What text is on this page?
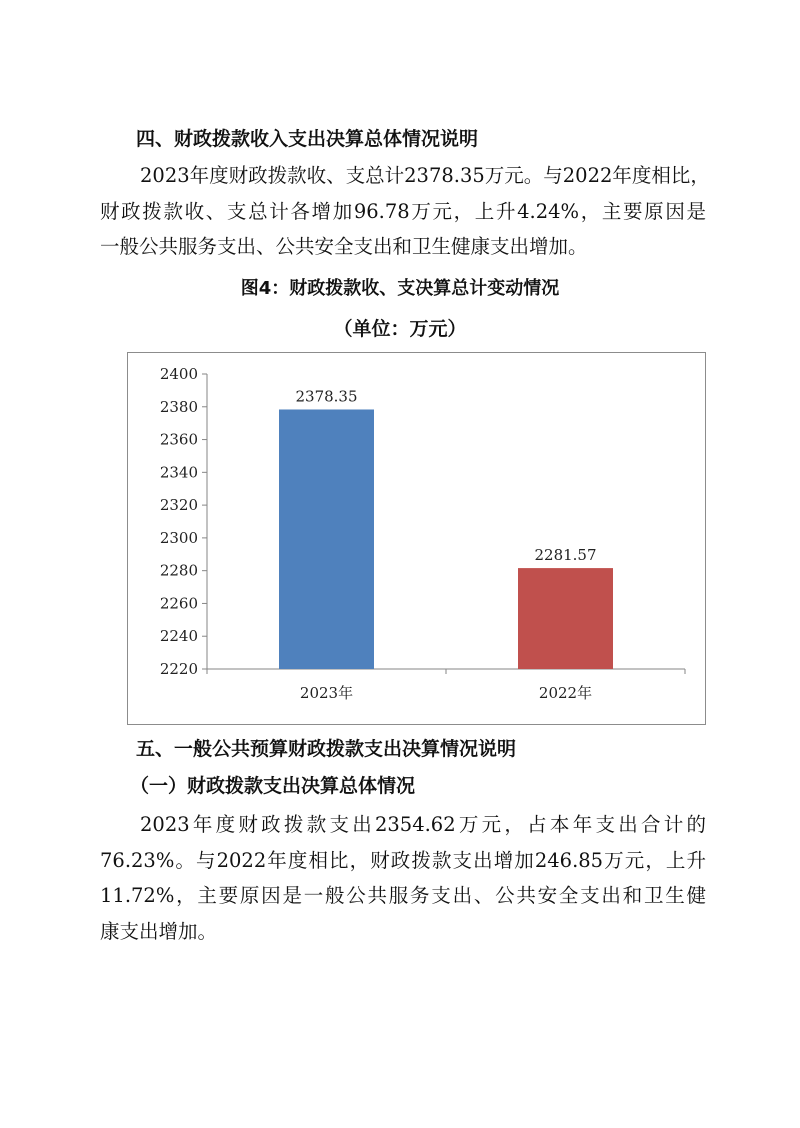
四、财政拨款收入支出决算总体情况说明
2023年度财政拨款收、支总计2378.35万元。与2022年度相比，
财政拨款收、支总计各增加96.78万元，上升4.24%，主要原因是
一般公共服务支出、公共安全支出和卫生健康支出增加。
图4：财政拨款收、支决算总计变动情况
（单位：万元）
2220
2240
2260
2280
2300
2320
2340
2360
2380
2400
2378.35
2023年
2281.57
2022年
五、一般公共预算财政拨款支出决算情况说明
（一）财政拨款支出决算总体情况
2023年度财政拨款支出2354.62万元，占本年支出合计的
76.23%。与2022年度相比，财政拨款支出增加246.85万元，上升
11.72%，主要原因是一般公共服务支出、公共安全支出和卫生健
康支出增加。
